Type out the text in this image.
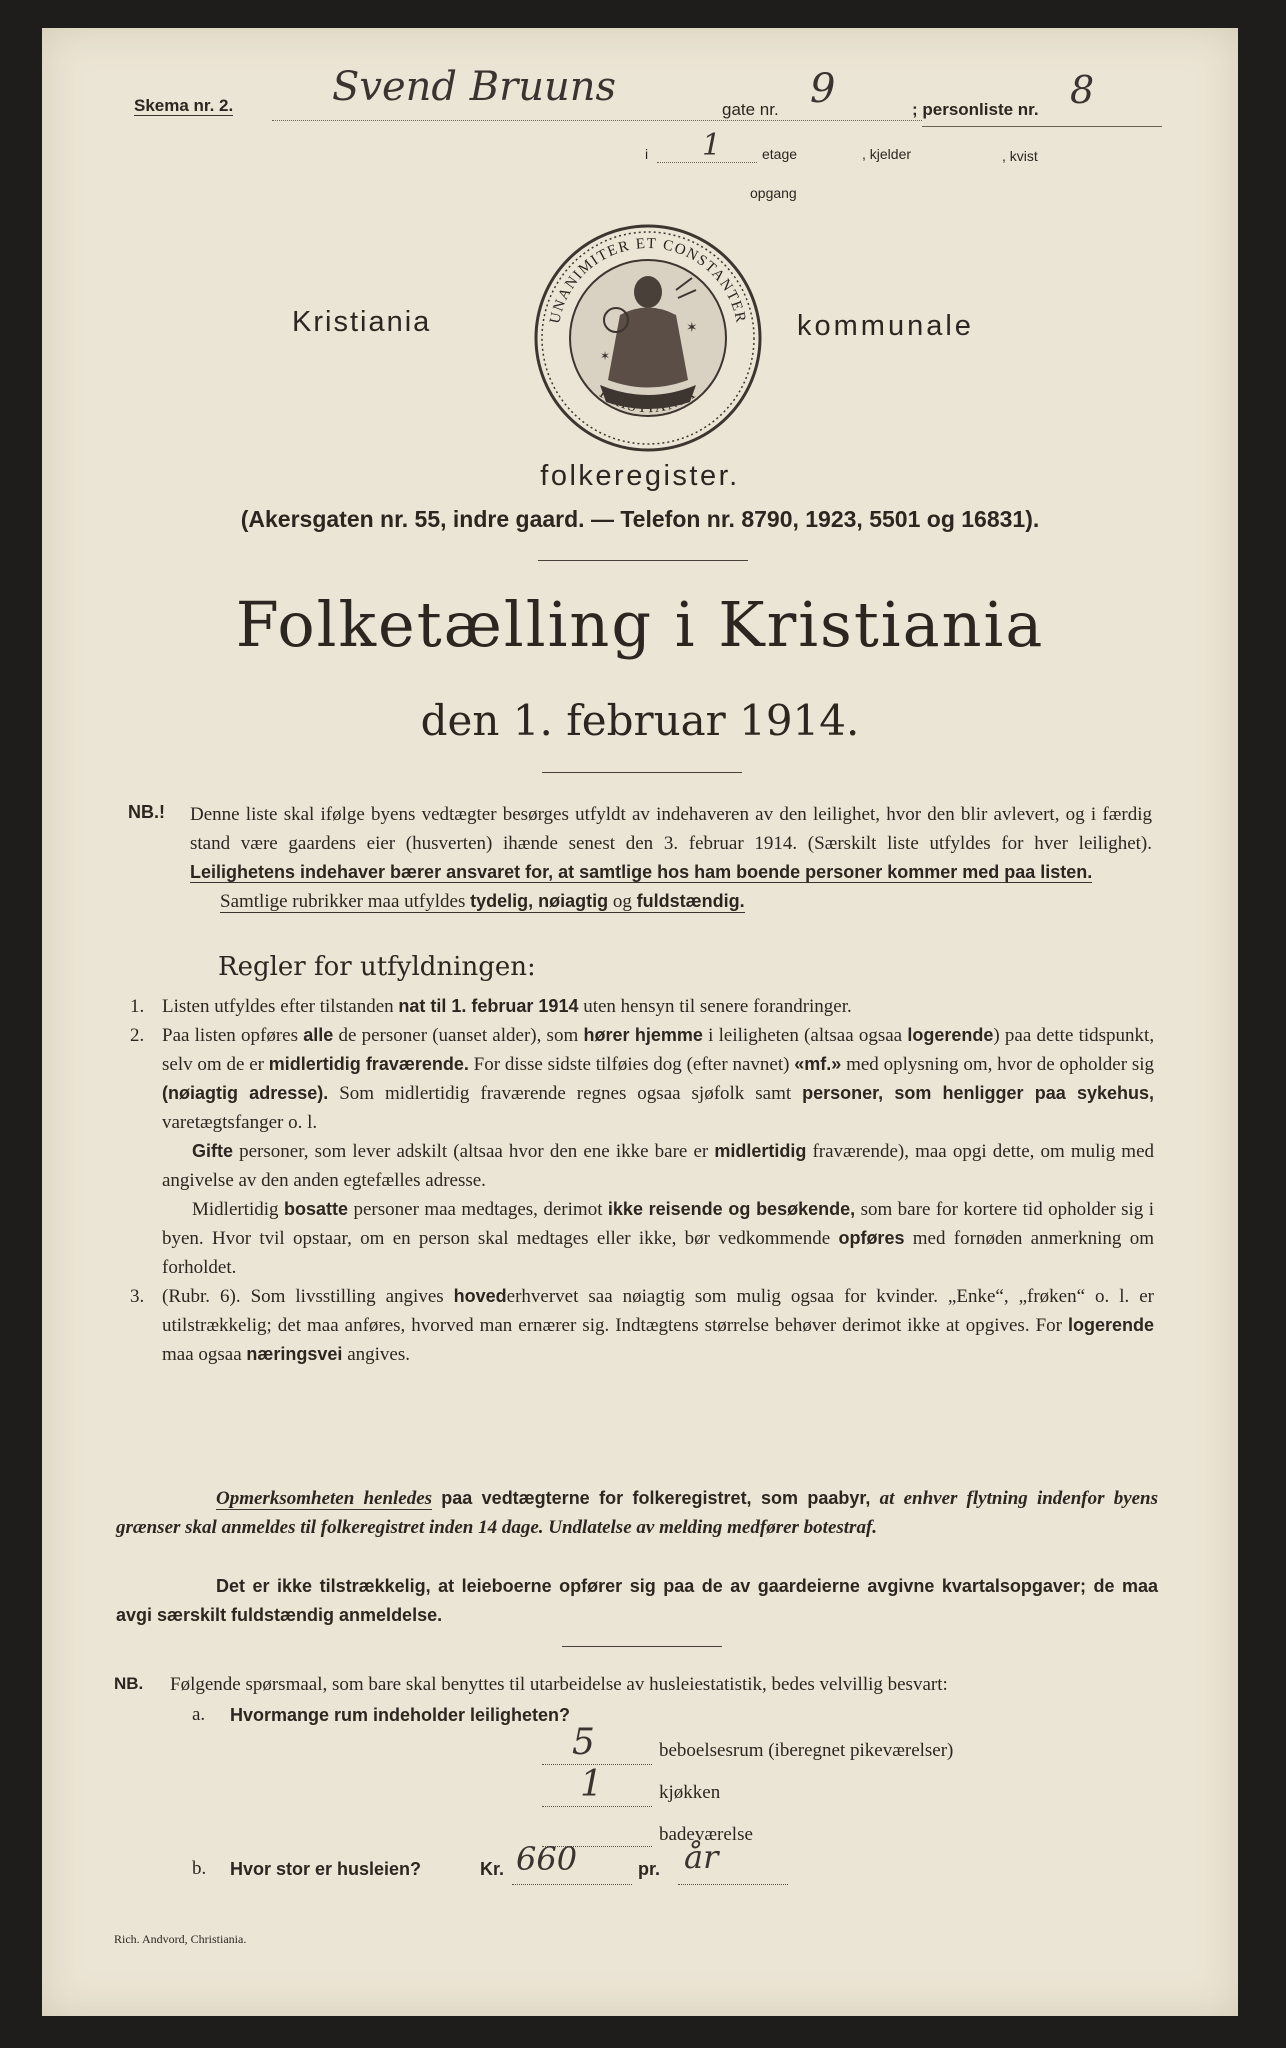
Skema nr. 2. Svend Bruuns	gate nr. 9	; personliste nr. 8
i 1	etage	, kjelder	, kvist
opgang
Kristiania	UNANIMITER ET CONSTANTER
✶
✶
kommunale
folkeregister.
(Akersgaten nr. 55, indre gaard. — Telefon nr. 8790, 1923, 5501 og 16831).
Folketælling i Kristiania
den 1. februar 1914.
NB.! Denne liste skal ifølge byens vedtægter besørges utfyldt av indehaveren av den leilighet, hvor den blir avlevert, og i færdig stand være gaardens eier (husverten) ihænde senest den 3. februar 1914. (Særskilt liste utfyldes for hver leilighet). Leilighetens indehaver bærer ansvaret for, at samtlige hos ham boende personer kommer med paa listen.
Samtlige rubrikker maa utfyldes tydelig, nøiagtig og fuldstændig.
Regler for utfyldningen:
1. Listen utfyldes efter tilstanden nat til 1. februar 1914 uten hensyn til senere forandringer.
2. Paa listen opføres alle de personer (uanset alder), som hører hjemme i leiligheten (altsaa ogsaa logerende) paa dette tidspunkt, selv om de er midlertidig fraværende. For disse sidste tilføies dog (efter navnet) «mf.» med oplysning om, hvor de opholder sig (nøiagtig adresse). Som midlertidig fraværende regnes ogsaa sjøfolk samt personer, som henligger paa sykehus, varetægtsfanger o. l.
Gifte personer, som lever adskilt (altsaa hvor den ene ikke bare er midlertidig fraværende), maa opgi dette, om mulig med angivelse av den anden egtefælles adresse.
Midlertidig bosatte personer maa medtages, derimot ikke reisende og besøkende, som bare for kortere tid opholder sig i byen. Hvor tvil opstaar, om en person skal medtages eller ikke, bør vedkommende opføres med fornøden anmerkning om forholdet.
3. (Rubr. 6). Som livsstilling angives hovederhvervet saa nøiagtig som mulig ogsaa for kvinder. „Enke“, „frøken“ o. l. er utilstrækkelig; det maa anføres, hvorved man ernærer sig. Indtægtens størrelse behøver derimot ikke at opgives. For logerende maa ogsaa næringsvei angives.
Opmerksomheten henledes paa vedtægterne for folkeregistret, som paabyr, at enhver flytning indenfor byens grænser skal anmeldes til folkeregistret inden 14 dage. Undlatelse av melding medfører botestraf.
Det er ikke tilstrækkelig, at leieboerne opfører sig paa de av gaardeierne avgivne kvartalsopgaver; de maa avgi særskilt fuldstændig anmeldelse.
NB. Følgende spørsmaal, som bare skal benyttes til utarbeidelse av husleiestatistik, bedes velvillig besvart:
a. Hvormange rum indeholder leiligheten?
5	beboelsesrum (iberegnet pikeværelser)
1	kjøkken
badeværelse
b. Hvor stor er husleien?	Kr. 660	pr. år
Rich. Andvord, Christiania.
